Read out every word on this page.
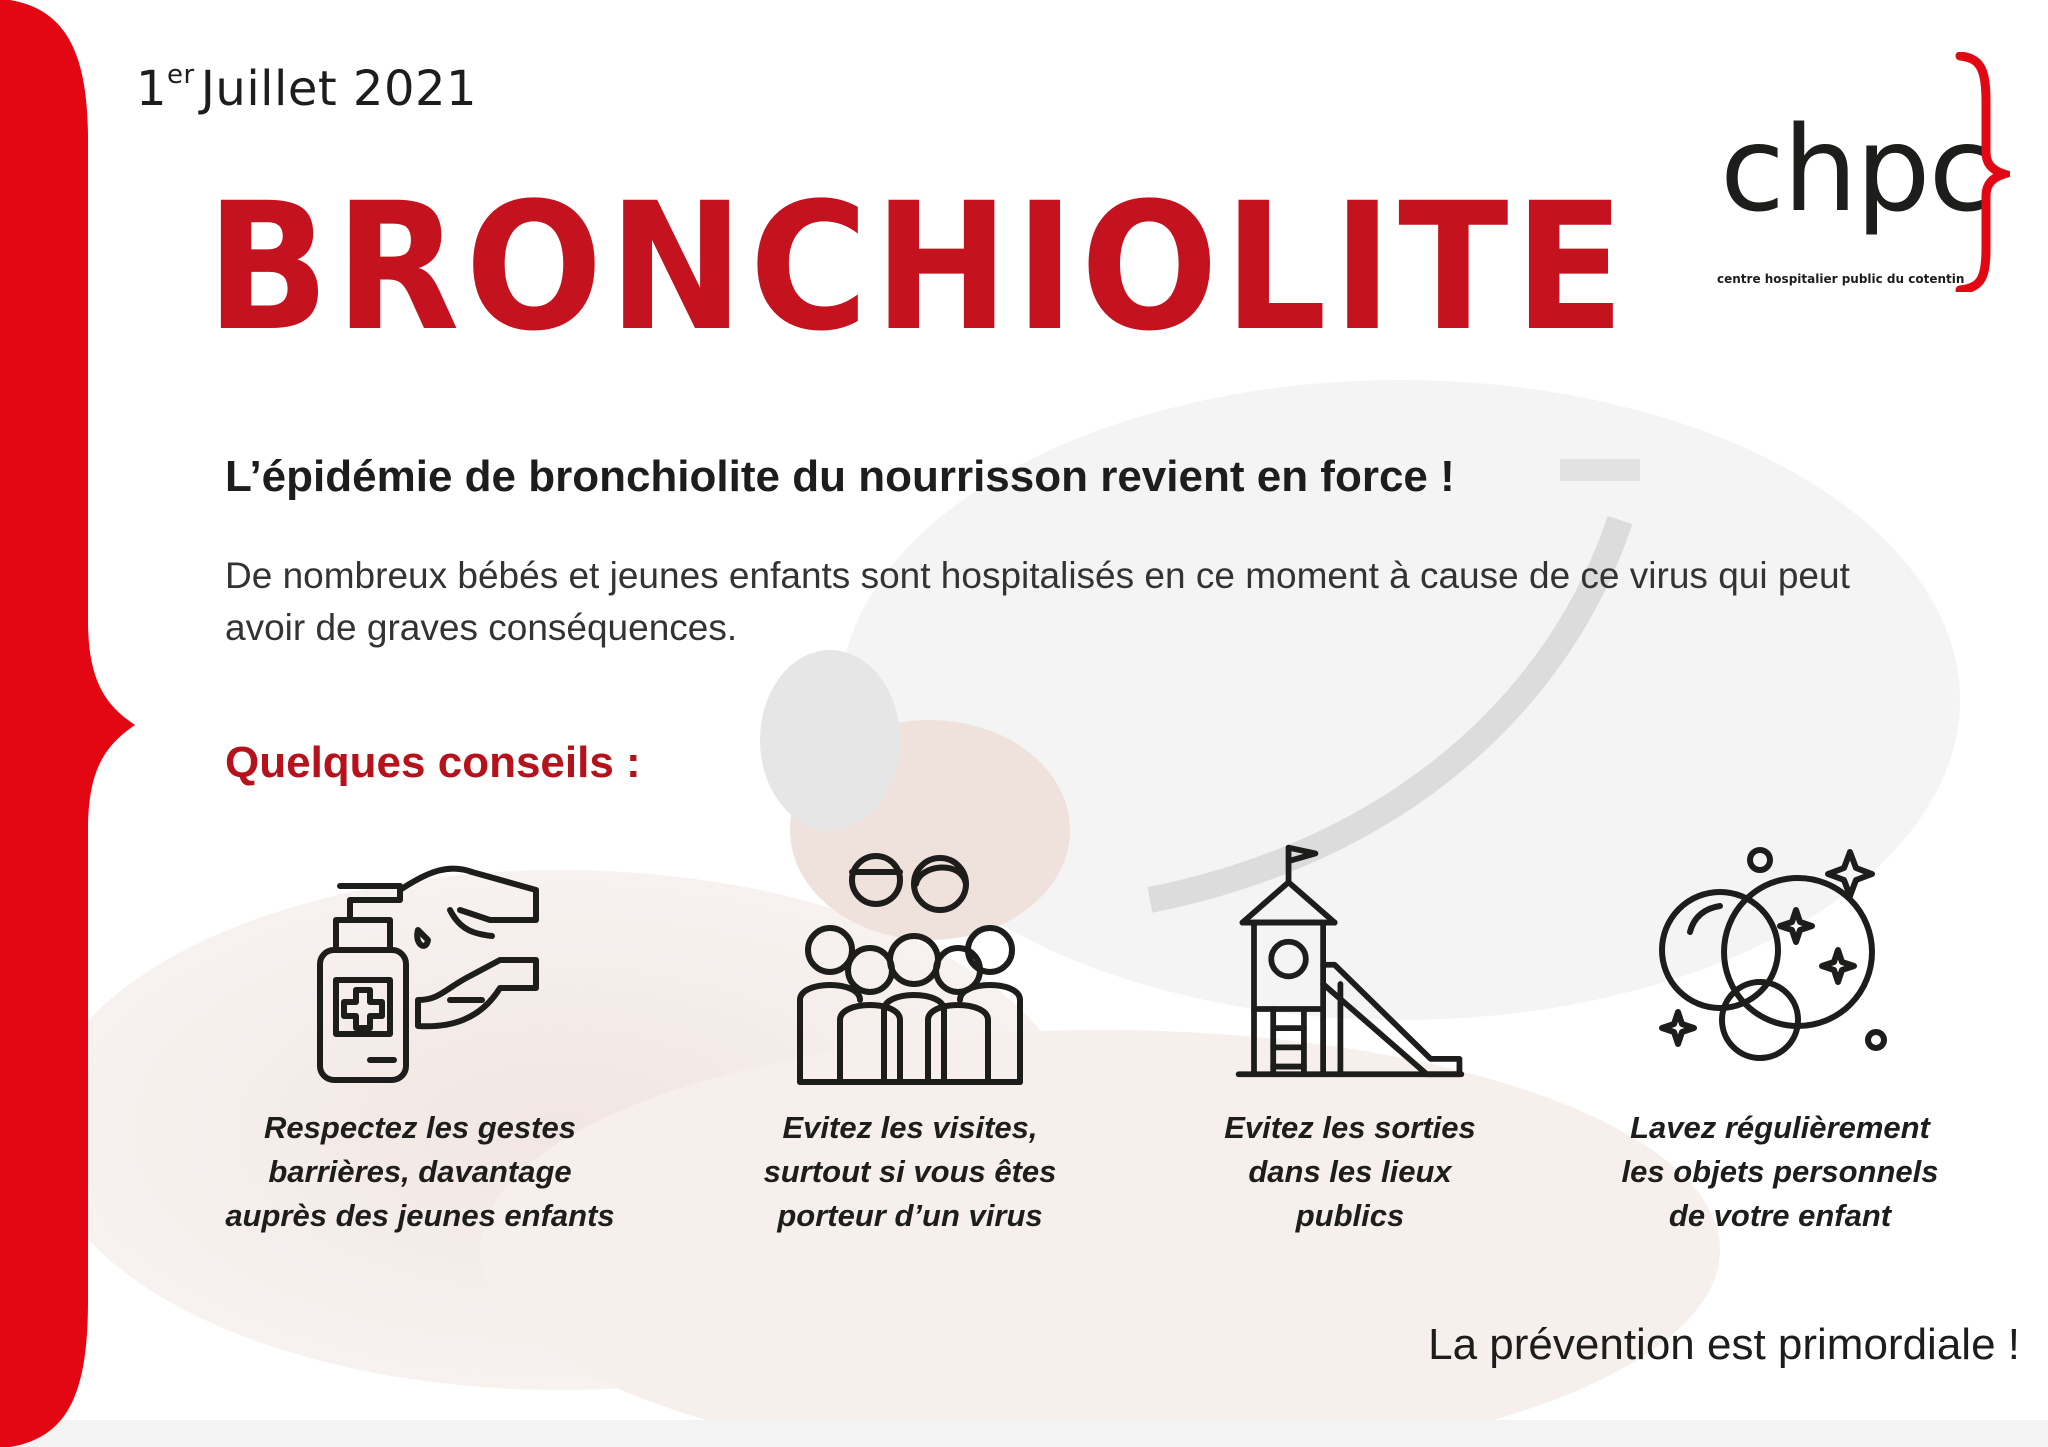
1er Juillet 2021
chpc
centre hospitalier public du cotentin
BRONCHIOLITE
L’épidémie de bronchiolite du nourrisson revient en force !
De nombreux bébés et jeunes enfants sont hospitalisés en ce moment à cause de ce virus qui peut avoir de graves conséquences.
Quelques conseils :
Respectez les gestes
barrières, davantage
auprès des jeunes enfants
Evitez les visites,
surtout si vous êtes
porteur d’un virus
Evitez les sorties
dans les lieux
publics
Lavez régulièrement
les objets personnels
de votre enfant
La prévention est primordiale !
